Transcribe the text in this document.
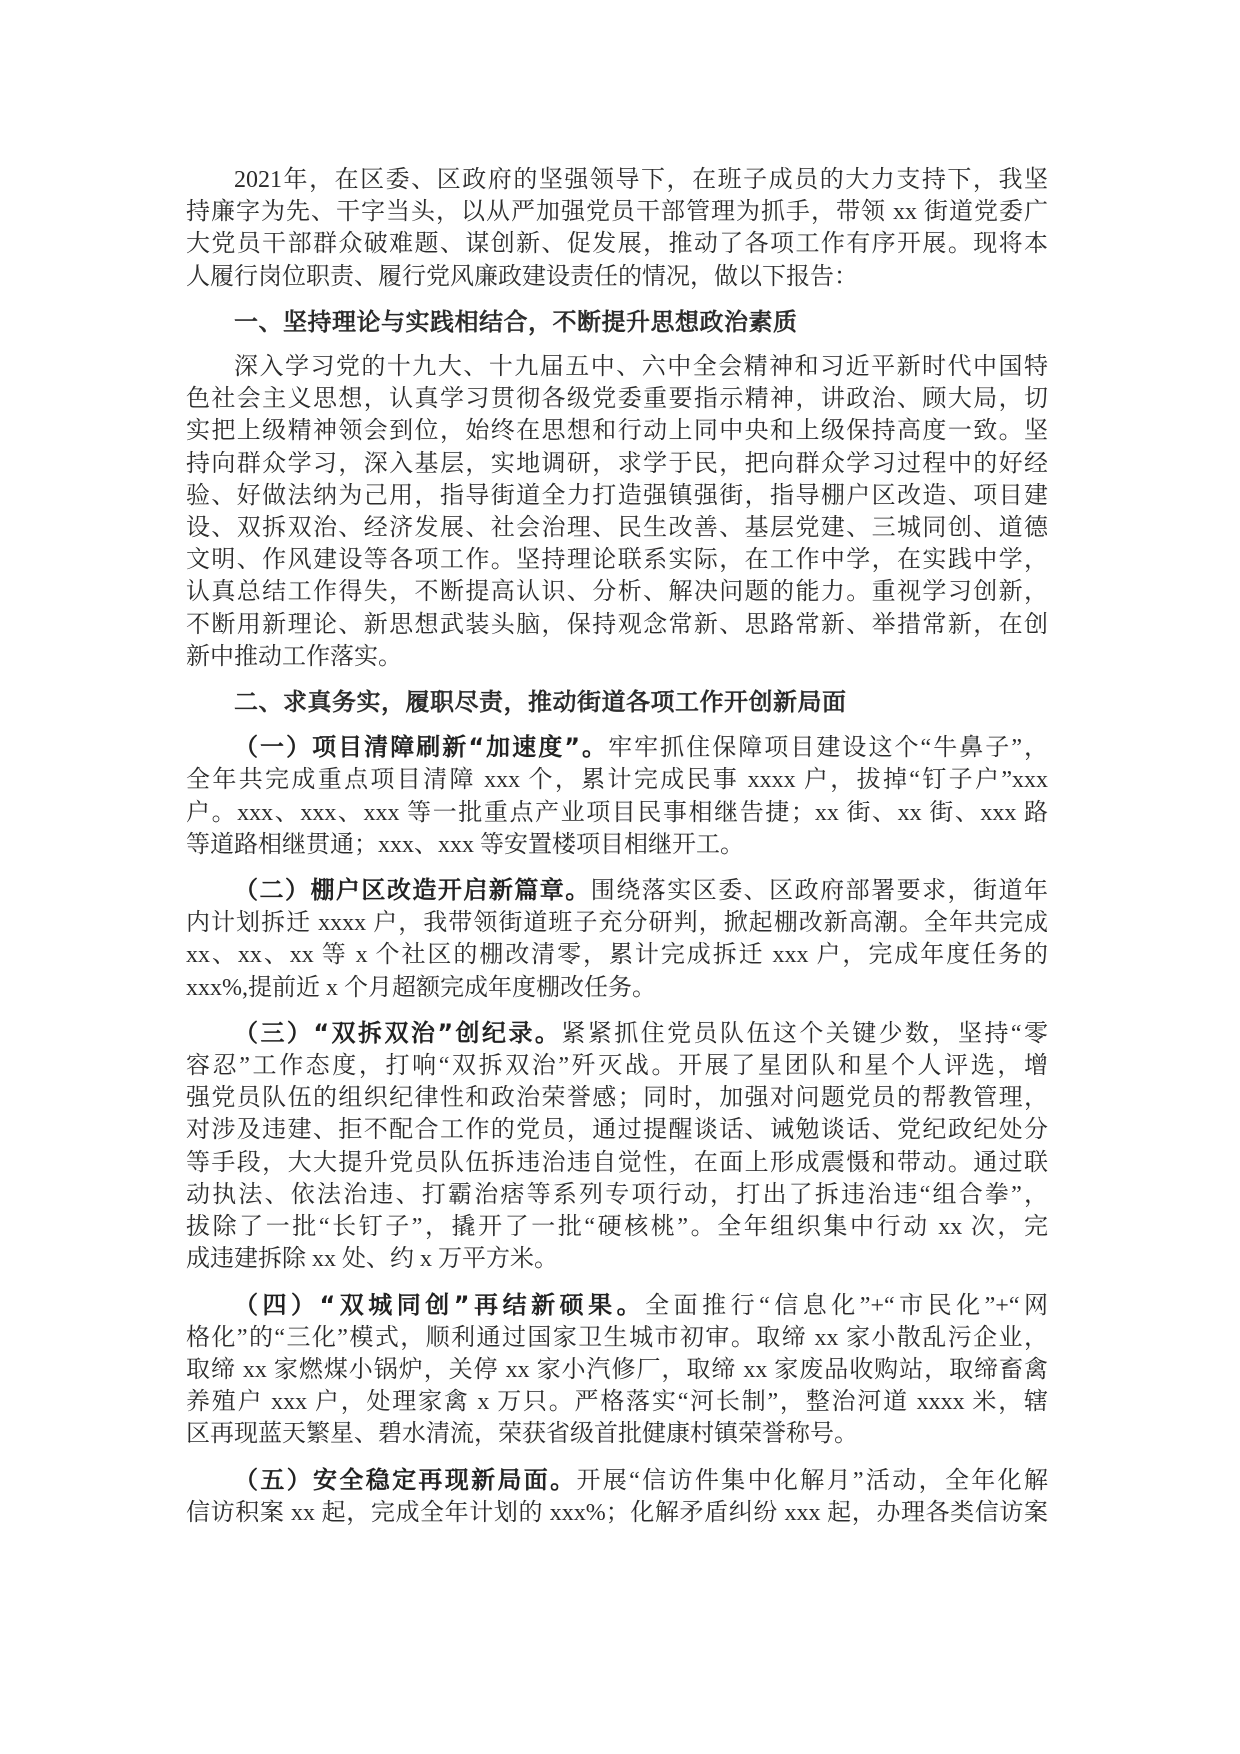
2021年，在区委、区政府的坚强领导下，在班子成员的大力支持下，我坚
持廉字为先、干字当头，以从严加强党员干部管理为抓手，带领 xx 街道党委广
大党员干部群众破难题、谋创新、促发展，推动了各项工作有序开展。现将本
人履行岗位职责、履行党风廉政建设责任的情况，做以下报告：
一、坚持理论与实践相结合，不断提升思想政治素质
深入学习党的十九大、十九届五中、六中全会精神和习近平新时代中国特
色社会主义思想，认真学习贯彻各级党委重要指示精神，讲政治、顾大局，切
实把上级精神领会到位，始终在思想和行动上同中央和上级保持高度一致。坚
持向群众学习，深入基层，实地调研，求学于民，把向群众学习过程中的好经
验、好做法纳为己用，指导街道全力打造强镇强街，指导棚户区改造、项目建
设、双拆双治、经济发展、社会治理、民生改善、基层党建、三城同创、道德
文明、作风建设等各项工作。坚持理论联系实际，在工作中学，在实践中学，
认真总结工作得失，不断提高认识、分析、解决问题的能力。重视学习创新，
不断用新理论、新思想武装头脑，保持观念常新、思路常新、举措常新，在创
新中推动工作落实。
二、求真务实，履职尽责，推动街道各项工作开创新局面
（一）项目清障刷新“加速度”。牢牢抓住保障项目建设这个“牛鼻子”，
全年共完成重点项目清障 xxx 个，累计完成民事 xxxx 户，拔掉“钉子户”xxx
户。xxx、xxx、xxx 等一批重点产业项目民事相继告捷；xx 街、xx 街、xxx 路
等道路相继贯通；xxx、xxx 等安置楼项目相继开工。
（二）棚户区改造开启新篇章。围绕落实区委、区政府部署要求，街道年
内计划拆迁 xxxx 户，我带领街道班子充分研判，掀起棚改新高潮。全年共完成
xx、xx、xx 等 x 个社区的棚改清零，累计完成拆迁 xxx 户，完成年度任务的
xxx%,提前近 x 个月超额完成年度棚改任务。
（三）“双拆双治”创纪录。紧紧抓住党员队伍这个关键少数，坚持“零
容忍”工作态度，打响“双拆双治”歼灭战。开展了星团队和星个人评选，增
强党员队伍的组织纪律性和政治荣誉感；同时，加强对问题党员的帮教管理，
对涉及违建、拒不配合工作的党员，通过提醒谈话、诫勉谈话、党纪政纪处分
等手段，大大提升党员队伍拆违治违自觉性，在面上形成震慑和带动。通过联
动执法、依法治违、打霸治痞等系列专项行动，打出了拆违治违“组合拳”，
拔除了一批“长钉子”，撬开了一批“硬核桃”。全年组织集中行动 xx 次，完
成违建拆除 xx 处、约 x 万平方米。
（四）“双城同创”再结新硕果。全面推行“信息化”+“市民化”+“网
格化”的“三化”模式，顺利通过国家卫生城市初审。取缔 xx 家小散乱污企业，
取缔 xx 家燃煤小锅炉，关停 xx 家小汽修厂，取缔 xx 家废品收购站，取缔畜禽
养殖户 xxx 户，处理家禽 x 万只。严格落实“河长制”，整治河道 xxxx 米，辖
区再现蓝天繁星、碧水清流，荣获省级首批健康村镇荣誉称号。
（五）安全稳定再现新局面。开展“信访件集中化解月”活动，全年化解
信访积案 xx 起，完成全年计划的 xxx%；化解矛盾纠纷 xxx 起，办理各类信访案
